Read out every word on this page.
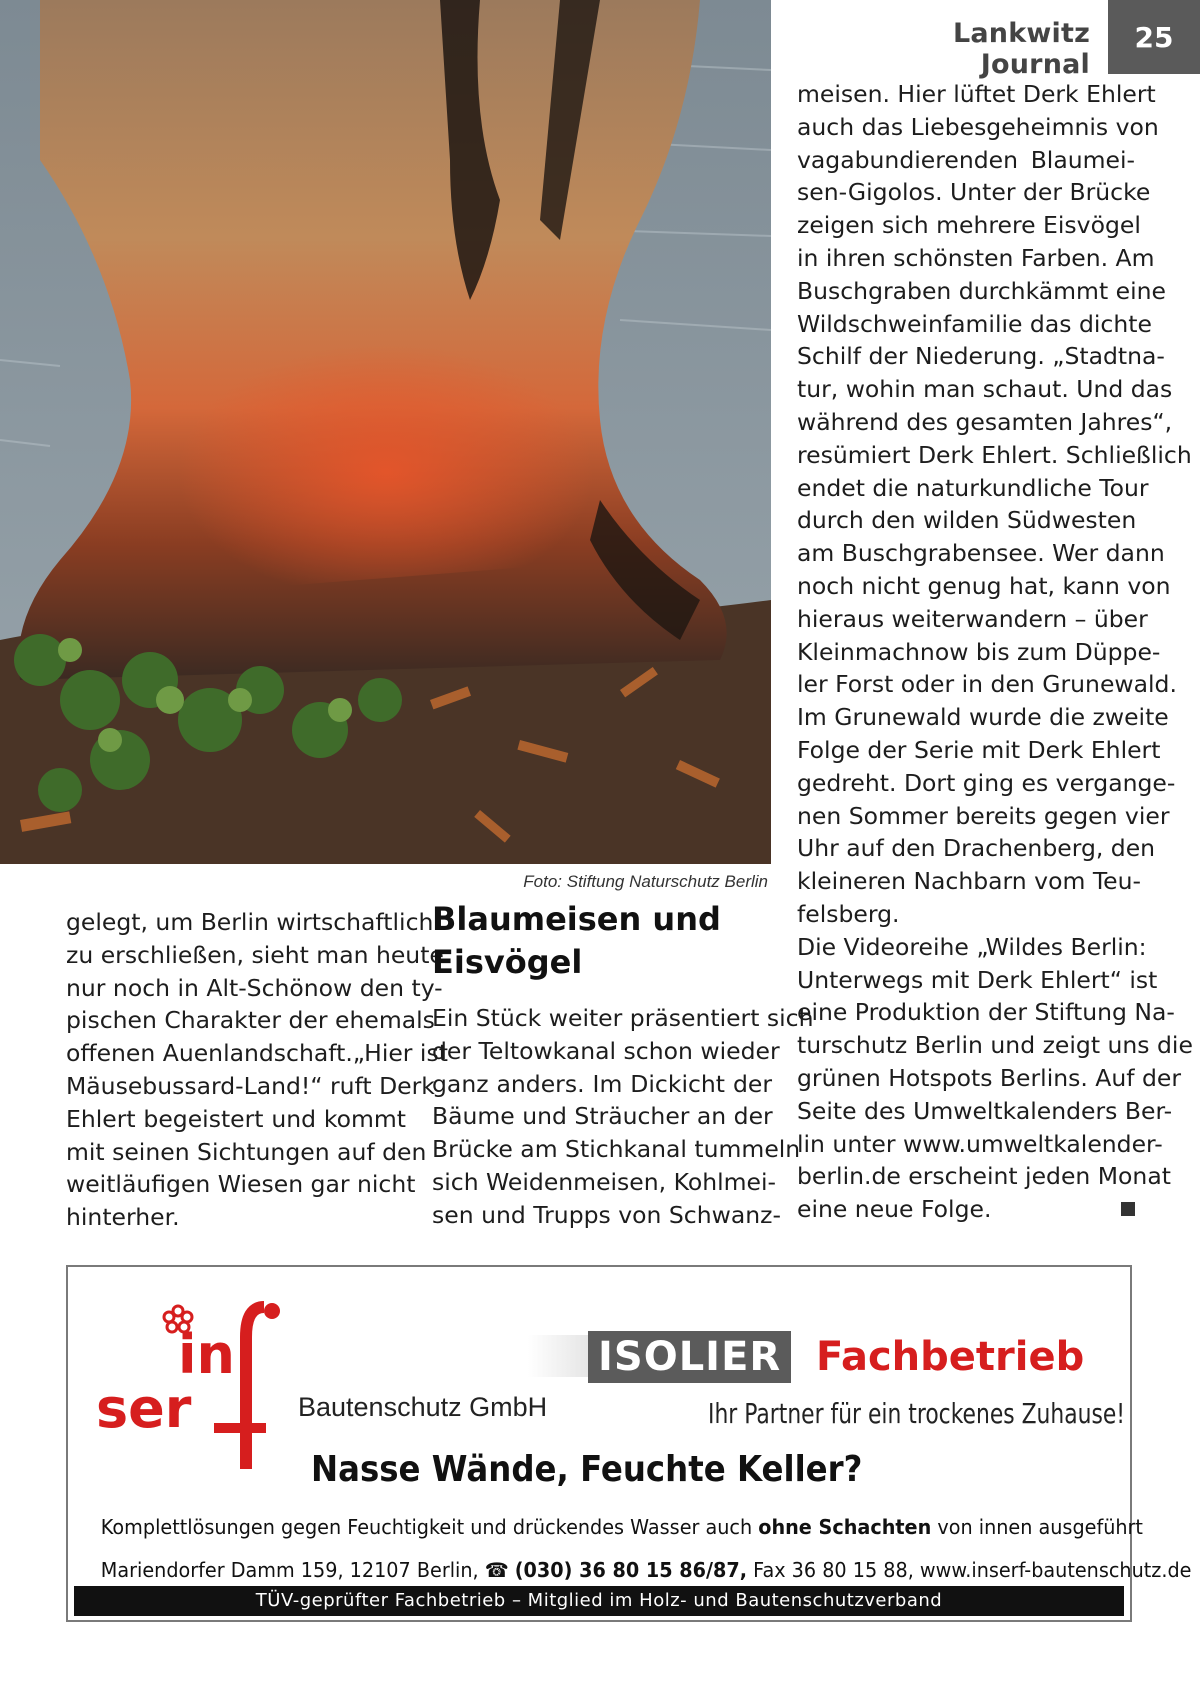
Lankwitz Journal
25
Foto: Stiftung Naturschutz Berlin
gelegt, um Berlin wirtschaftlich
zu erschließen, sieht man heute
nur noch in Alt-Schönow den ty-
pischen Charakter der ehemals
offenen Auenlandschaft.„Hier ist
Mäusebussard-Land!“ ruft Derk
Ehlert begeistert und kommt
mit seinen Sichtungen auf den
weitläufigen Wiesen gar nicht
hinterher.
Blaumeisen und
Eisvögel
Ein Stück weiter präsentiert sich
der Teltowkanal schon wieder
ganz anders. Im Dickicht der
Bäume und Sträucher an der
Brücke am Stichkanal tummeln
sich Weidenmeisen, Kohlmei-
sen und Trupps von Schwanz-
meisen. Hier lüftet Derk Ehlert
auch das Liebesgeheimnis von
vagabundierenden Blaumei-
sen-Gigolos. Unter der Brücke
zeigen sich mehrere Eisvögel
in ihren schönsten Farben. Am
Buschgraben durchkämmt eine
Wildschweinfamilie das dichte
Schilf der Niederung. „Stadtna-
tur, wohin man schaut. Und das
während des gesamten Jahres“,
resümiert Derk Ehlert. Schließlich
endet die naturkundliche Tour
durch den wilden Südwesten
am Buschgrabensee. Wer dann
noch nicht genug hat, kann von
hieraus weiterwandern – über
Kleinmachnow bis zum Düppe-
ler Forst oder in den Grunewald.
Im Grunewald wurde die zweite
Folge der Serie mit Derk Ehlert
gedreht. Dort ging es vergange-
nen Sommer bereits gegen vier
Uhr auf den Drachenberg, den
kleineren Nachbarn vom Teu-
felsberg.
Die Videoreihe „Wildes Berlin:
Unterwegs mit Derk Ehlert“ ist
eine Produktion der Stiftung Na-
turschutz Berlin und zeigt uns die
grünen Hotspots Berlins. Auf der
Seite des Umweltkalenders Ber-
lin unter www.umweltkalender-
berlin.de erscheint jeden Monat
eine neue Folge.
in
ser	Bautenschutz GmbH
ISOLIER Fachbetrieb
Ihr Partner für ein trockenes Zuhause!
Nasse Wände, Feuchte Keller?
Komplettlösungen gegen Feuchtigkeit und drückendes Wasser auch ohne Schachten von innen ausgeführt
Mariendorfer Damm 159, 12107 Berlin, ☎ (030) 36 80 15 86/87, Fax 36 80 15 88, www.inserf-bautenschutz.de
TÜV-geprüfter Fachbetrieb – Mitglied im Holz- und Bautenschutzverband
